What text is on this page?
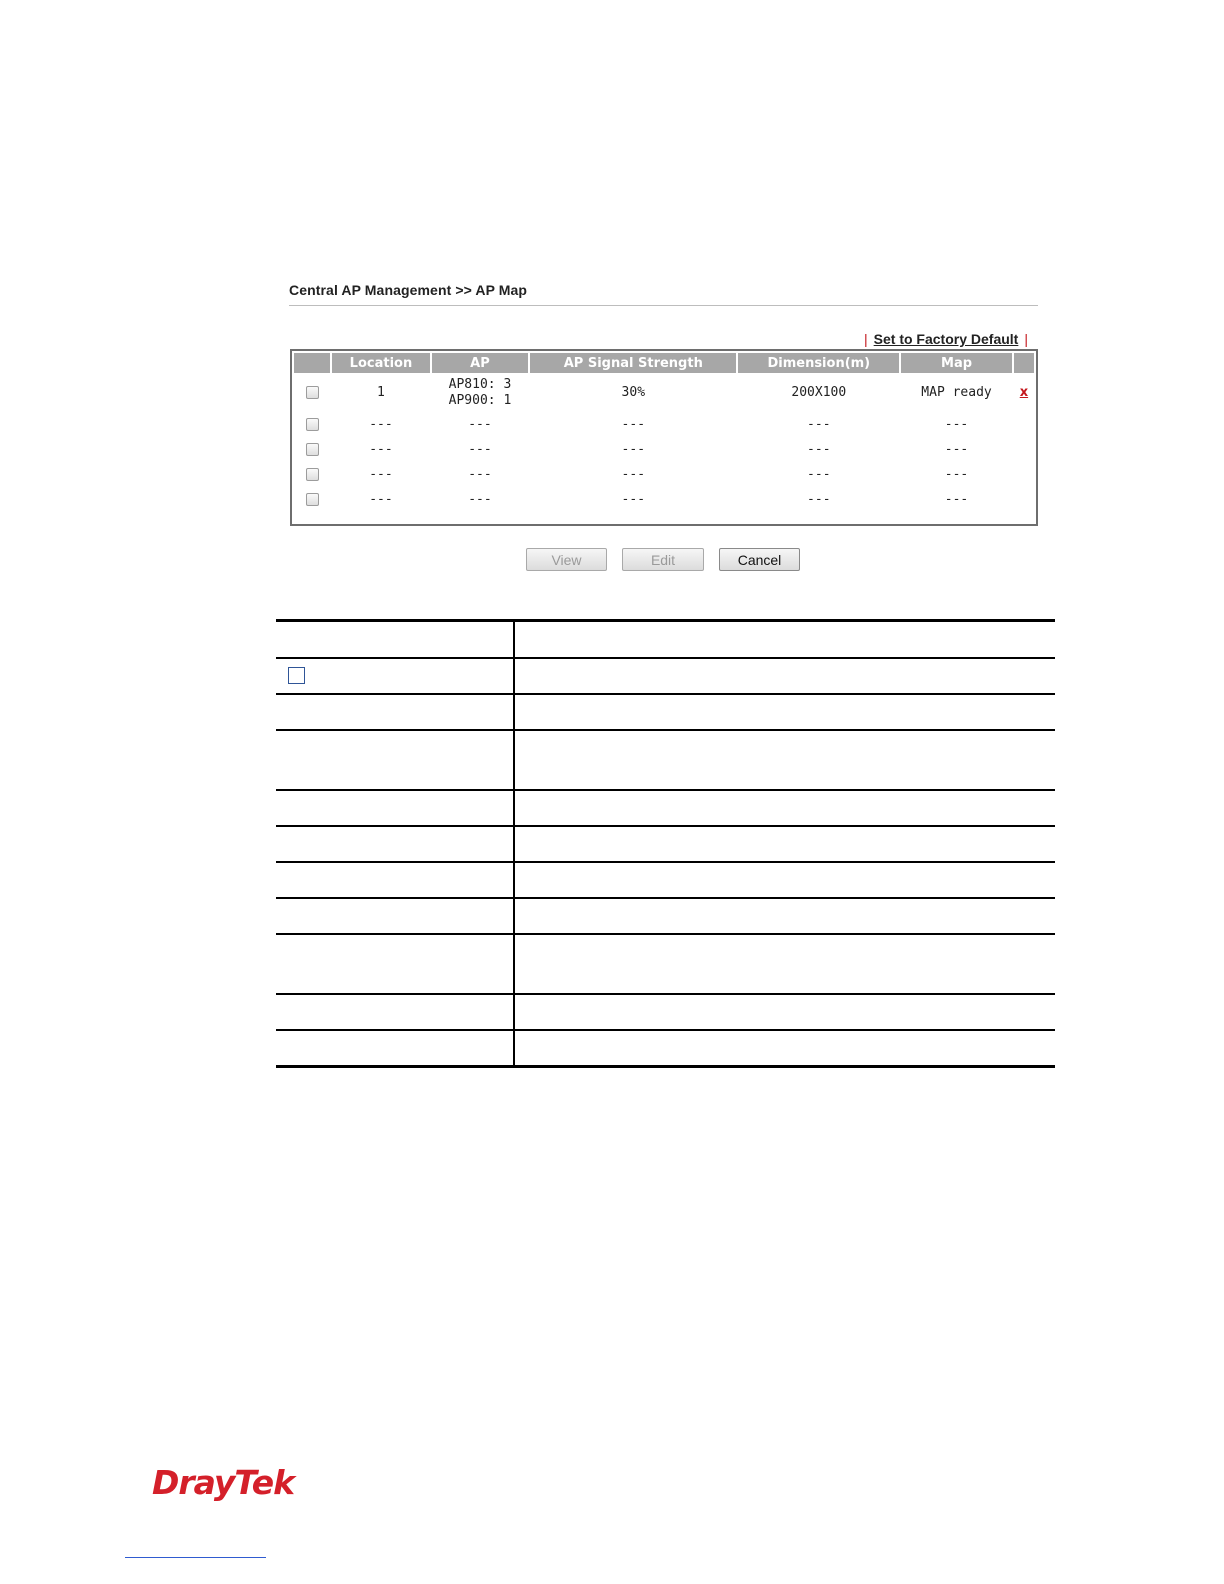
Central AP Management >> AP Map
| Set to Factory Default |
	Location	AP	AP Signal Strength	Dimension(m)	Map	
	1	AP810: 3
AP900: 1	30%	200X100	MAP ready	x
	---	---	---	---	---	
	---	---	---	---	---	
	---	---	---	---	---	
	---	---	---	---	---	
View	Edit	Cancel
DrayTek
